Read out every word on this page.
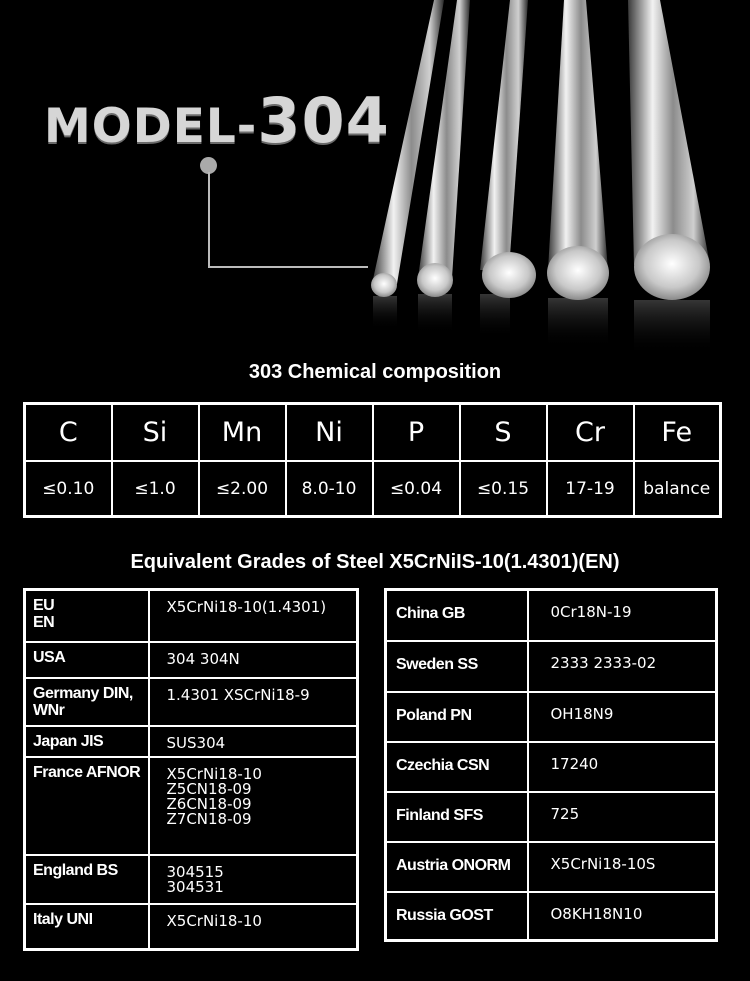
MODEL-304
303 Chemical composition
C	Si	Mn	Ni	P	S	Cr	Fe
≤0.10	≤1.0	≤2.00	8.0-10	≤0.04	≤0.15	17-19	balance
Equivalent Grades of Steel X5CrNiIS-10(1.4301)(EN)
EU
EN	X5CrNi18-10(1.4301)
USA	304 304N
Germany DIN,
WNr	1.4301 XSCrNi18-9
Japan JIS	SUS304
France AFNOR	X5CrNi18-10
Z5CN18-09
Z6CN18-09
Z7CN18-09
England BS	304515
304531
Italy UNI	X5CrNi18-10
China GB	0Cr18N-19
Sweden SS	2333 2333-02
Poland PN	OH18N9
Czechia CSN	17240
Finland SFS	725
Austria ONORM	X5CrNi18-10S
Russia GOST	O8KH18N10
